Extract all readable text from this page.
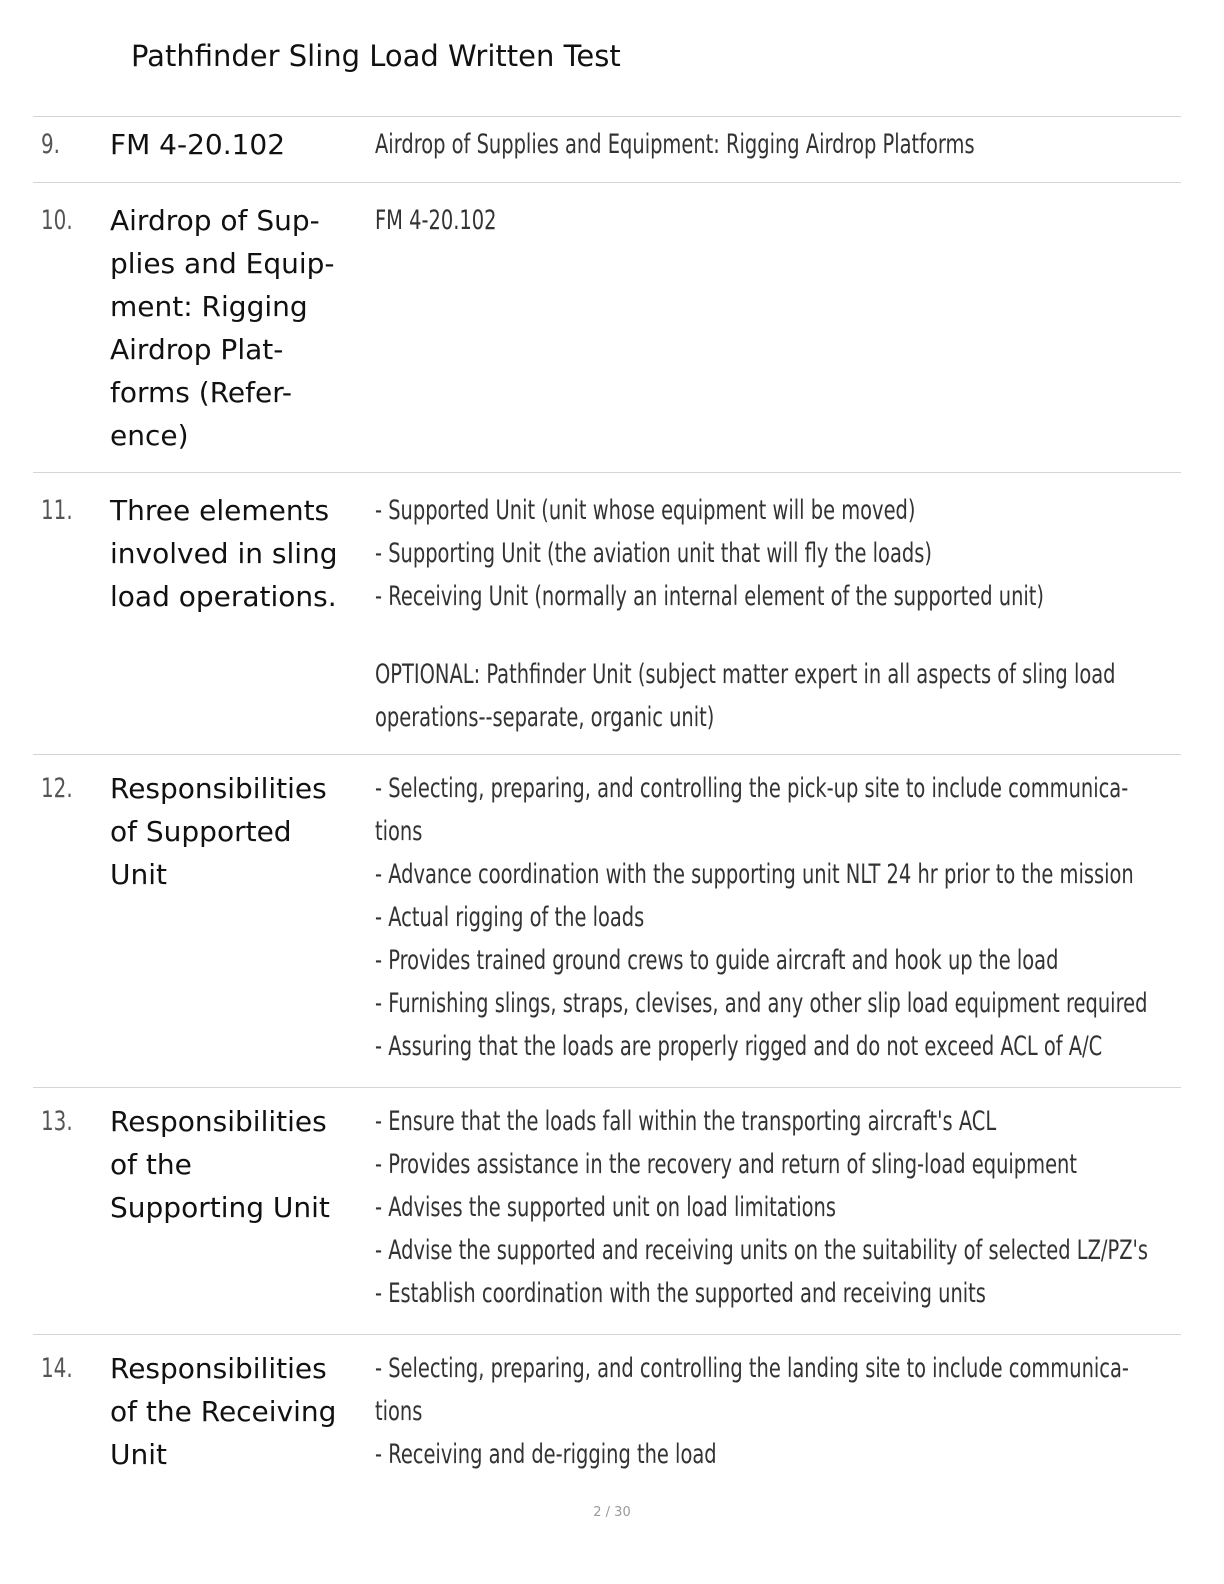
Pathfinder Sling Load Written Test
9. FM 4-20.102	Airdrop of Supplies and Equipment: Rigging Airdrop Platforms
10. Airdrop of Sup-
plies and Equip-
ment: Rigging
Airdrop Plat-
forms (Refer-
ence)
FM 4-20.102
11. Three elements
involved in sling
load operations.
- Supported Unit (unit whose equipment will be moved)
- Supporting Unit (the aviation unit that will fly the loads)
- Receiving Unit (normally an internal element of the supported unit)
OPTIONAL: Pathfinder Unit (subject matter expert in all aspects of sling load
operations--separate, organic unit)
12. Responsibilities
of Supported
Unit
- Selecting, preparing, and controlling the pick-up site to include communica-
tions
- Advance coordination with the supporting unit NLT 24 hr prior to the mission
- Actual rigging of the loads
- Provides trained ground crews to guide aircraft and hook up the load
- Furnishing slings, straps, clevises, and any other slip load equipment required
- Assuring that the loads are properly rigged and do not exceed ACL of A/C
13. Responsibilities
of the
Supporting Unit
- Ensure that the loads fall within the transporting aircraft's ACL
- Provides assistance in the recovery and return of sling-load equipment
- Advises the supported unit on load limitations
- Advise the supported and receiving units on the suitability of selected LZ/PZ's
- Establish coordination with the supported and receiving units
14. Responsibilities
of the Receiving
Unit
- Selecting, preparing, and controlling the landing site to include communica-
tions
- Receiving and de-rigging the load
2 / 30
